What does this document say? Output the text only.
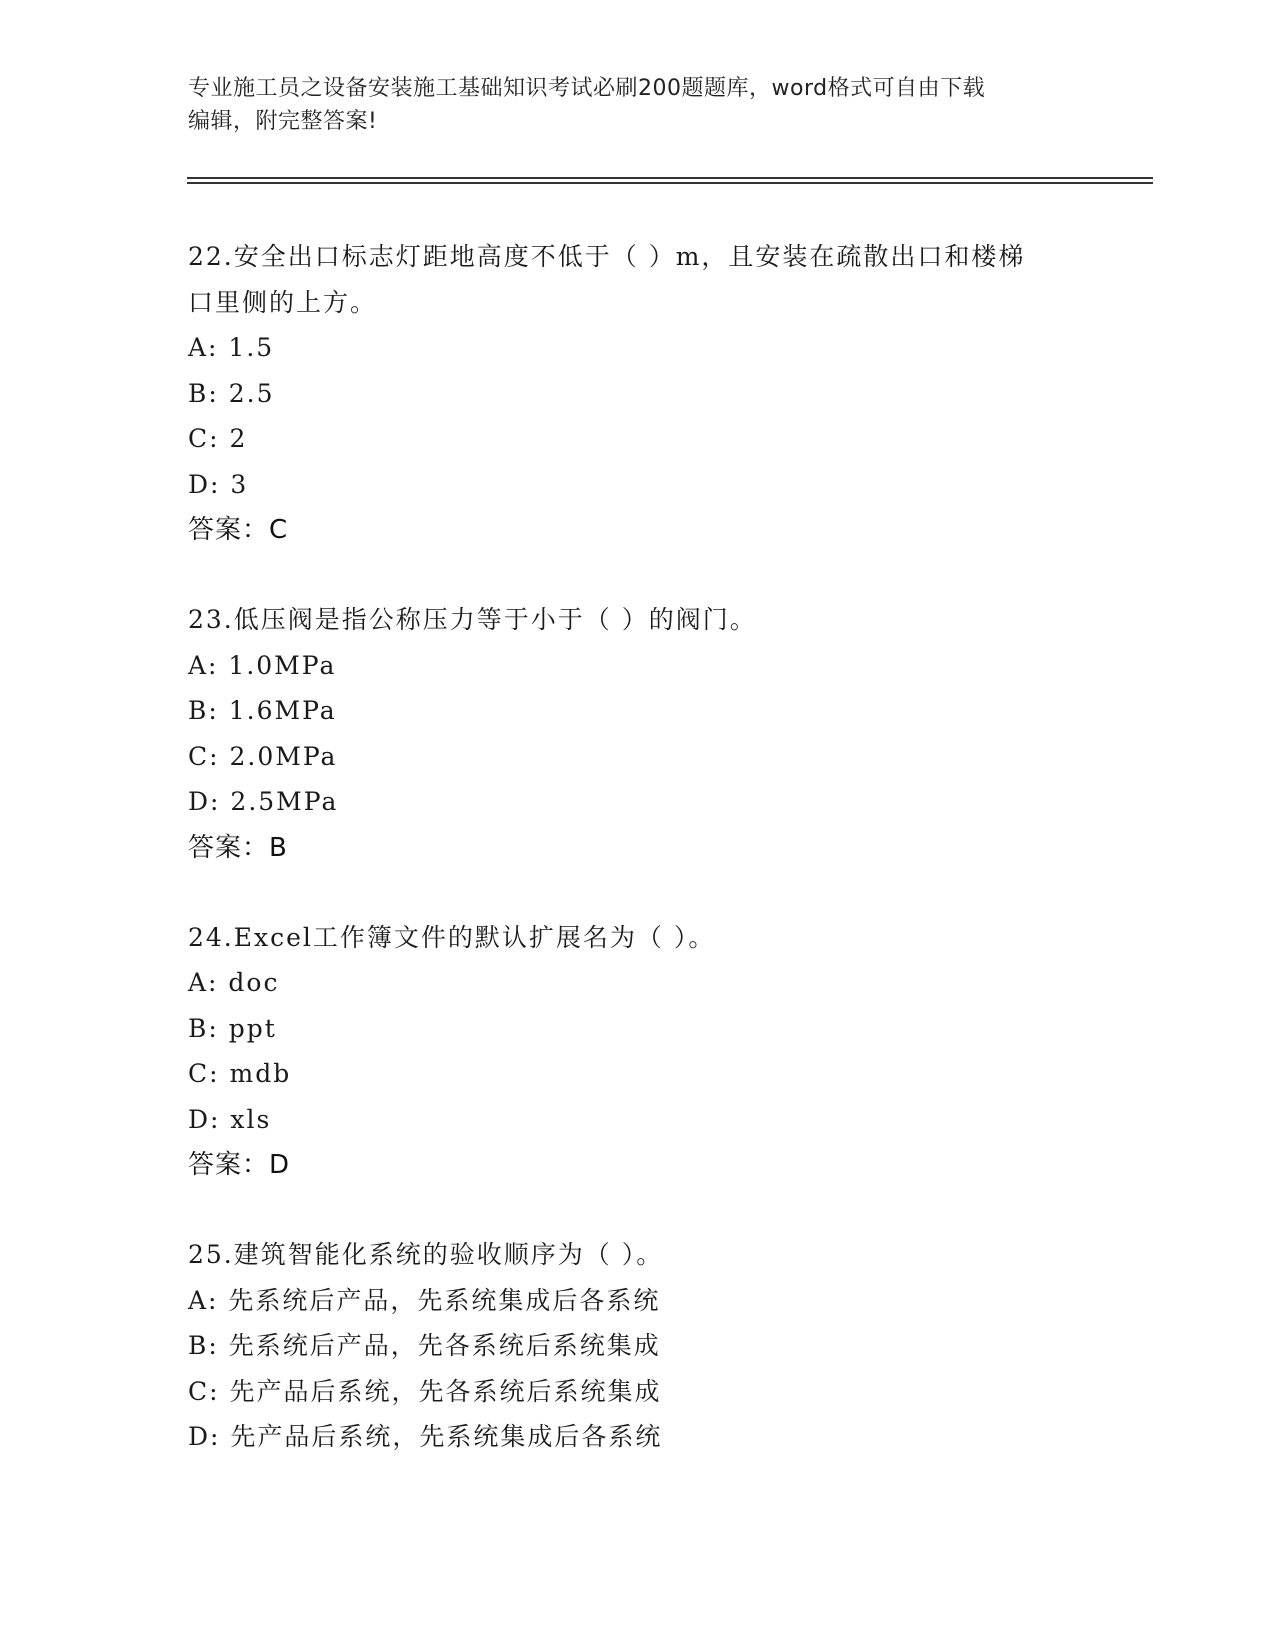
专业施工员之设备安装施工基础知识考试必刷200题题库，word格式可自由下载
编辑，附完整答案!

22.安全出口标志灯距地高度不低于（ ）m，且安装在疏散出口和楼梯

口里侧的上方。

A: 1.5

B: 2.5

C: 2

D: 3

答案：C

23.低压阀是指公称压力等于小于（ ）的阀门。

A: 1.0MPa

B: 1.6MPa

C: 2.0MPa

D: 2.5MPa

答案：B

24.Excel工作簿文件的默认扩展名为（ ）。

A: doc

B: ppt

C: mdb

D: xls

答案：D

25.建筑智能化系统的验收顺序为（ ）。

A: 先系统后产品，先系统集成后各系统

B: 先系统后产品，先各系统后系统集成

C: 先产品后系统，先各系统后系统集成

D: 先产品后系统，先系统集成后各系统
